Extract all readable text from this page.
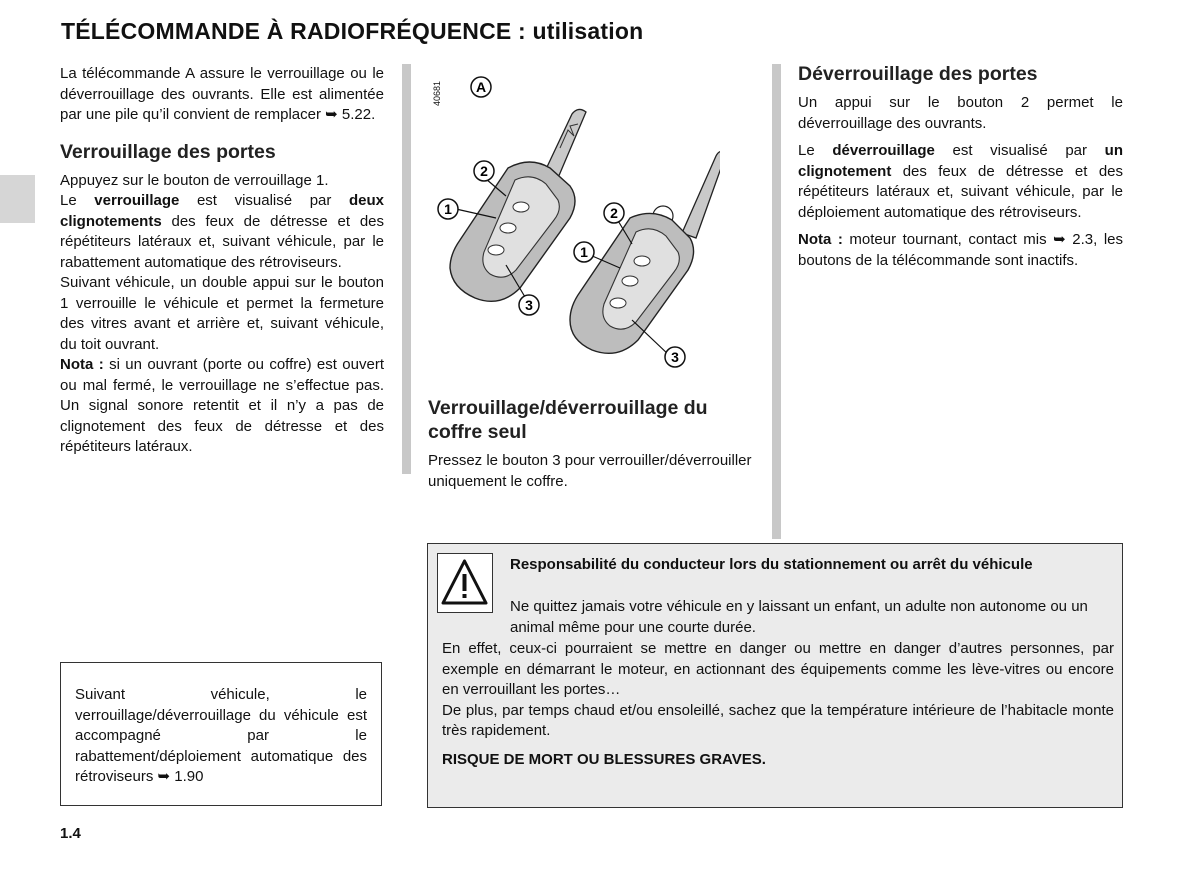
TÉLÉCOMMANDE À RADIOFRÉQUENCE : utilisation

La télécommande A assure le verrouillage ou le déverrouillage des ouvrants. Elle est alimentée par une pile qu’il convient de remplacer ➥ 5.22.

Verrouillage des portes

Appuyez sur le bouton de verrouillage 1.

Le verrouillage est visualisé par deux clignotements des feux de détresse et des répétiteurs latéraux et, suivant véhicule, par le rabattement automatique des rétroviseurs.

Suivant véhicule, un double appui sur le bouton 1 verrouille le véhicule et permet la fermeture des vitres avant et arrière et, suivant véhicule, du toit ouvrant.

Nota : si un ouvrant (porte ou coffre) est ouvert ou mal fermé, le verrouillage ne s’effectue pas. Un signal sonore retentit et il n’y a pas de clignotement des feux de détresse et des répétiteurs latéraux.

Suivant véhicule, le verrouillage/déverrouillage du véhicule est accompagné par le rabattement/déploiement automatique des rétroviseurs ➥ 1.90
40681 A
2
1
3
2
1
3
Verrouillage/déverrouillage du coffre seul

Pressez le bouton 3 pour verrouiller/déverrouiller uniquement le coffre.

Déverrouillage des portes

Un appui sur le bouton 2 permet le déverrouillage des ouvrants.

Le déverrouillage est visualisé par un clignotement des feux de détresse et des répétiteurs latéraux et, suivant véhicule, par le déploiement automatique des rétroviseurs.

Nota : moteur tournant, contact mis ➥ 2.3, les boutons de la télécommande sont inactifs.

Responsabilité du conducteur lors du stationnement ou arrêt du véhicule
Ne quittez jamais votre véhicule en y laissant un enfant, un adulte non autonome ou un animal même pour une courte durée.

En effet, ceux-ci pourraient se mettre en danger ou mettre en danger d’autres personnes, par exemple en démarrant le moteur, en actionnant des équipements comme les lève-vitres ou encore en verrouillant les portes…

De plus, par temps chaud et/ou ensoleillé, sachez que la température intérieure de l’habitacle monte très rapidement.

RISQUE DE MORT OU BLESSURES GRAVES.

1.4
